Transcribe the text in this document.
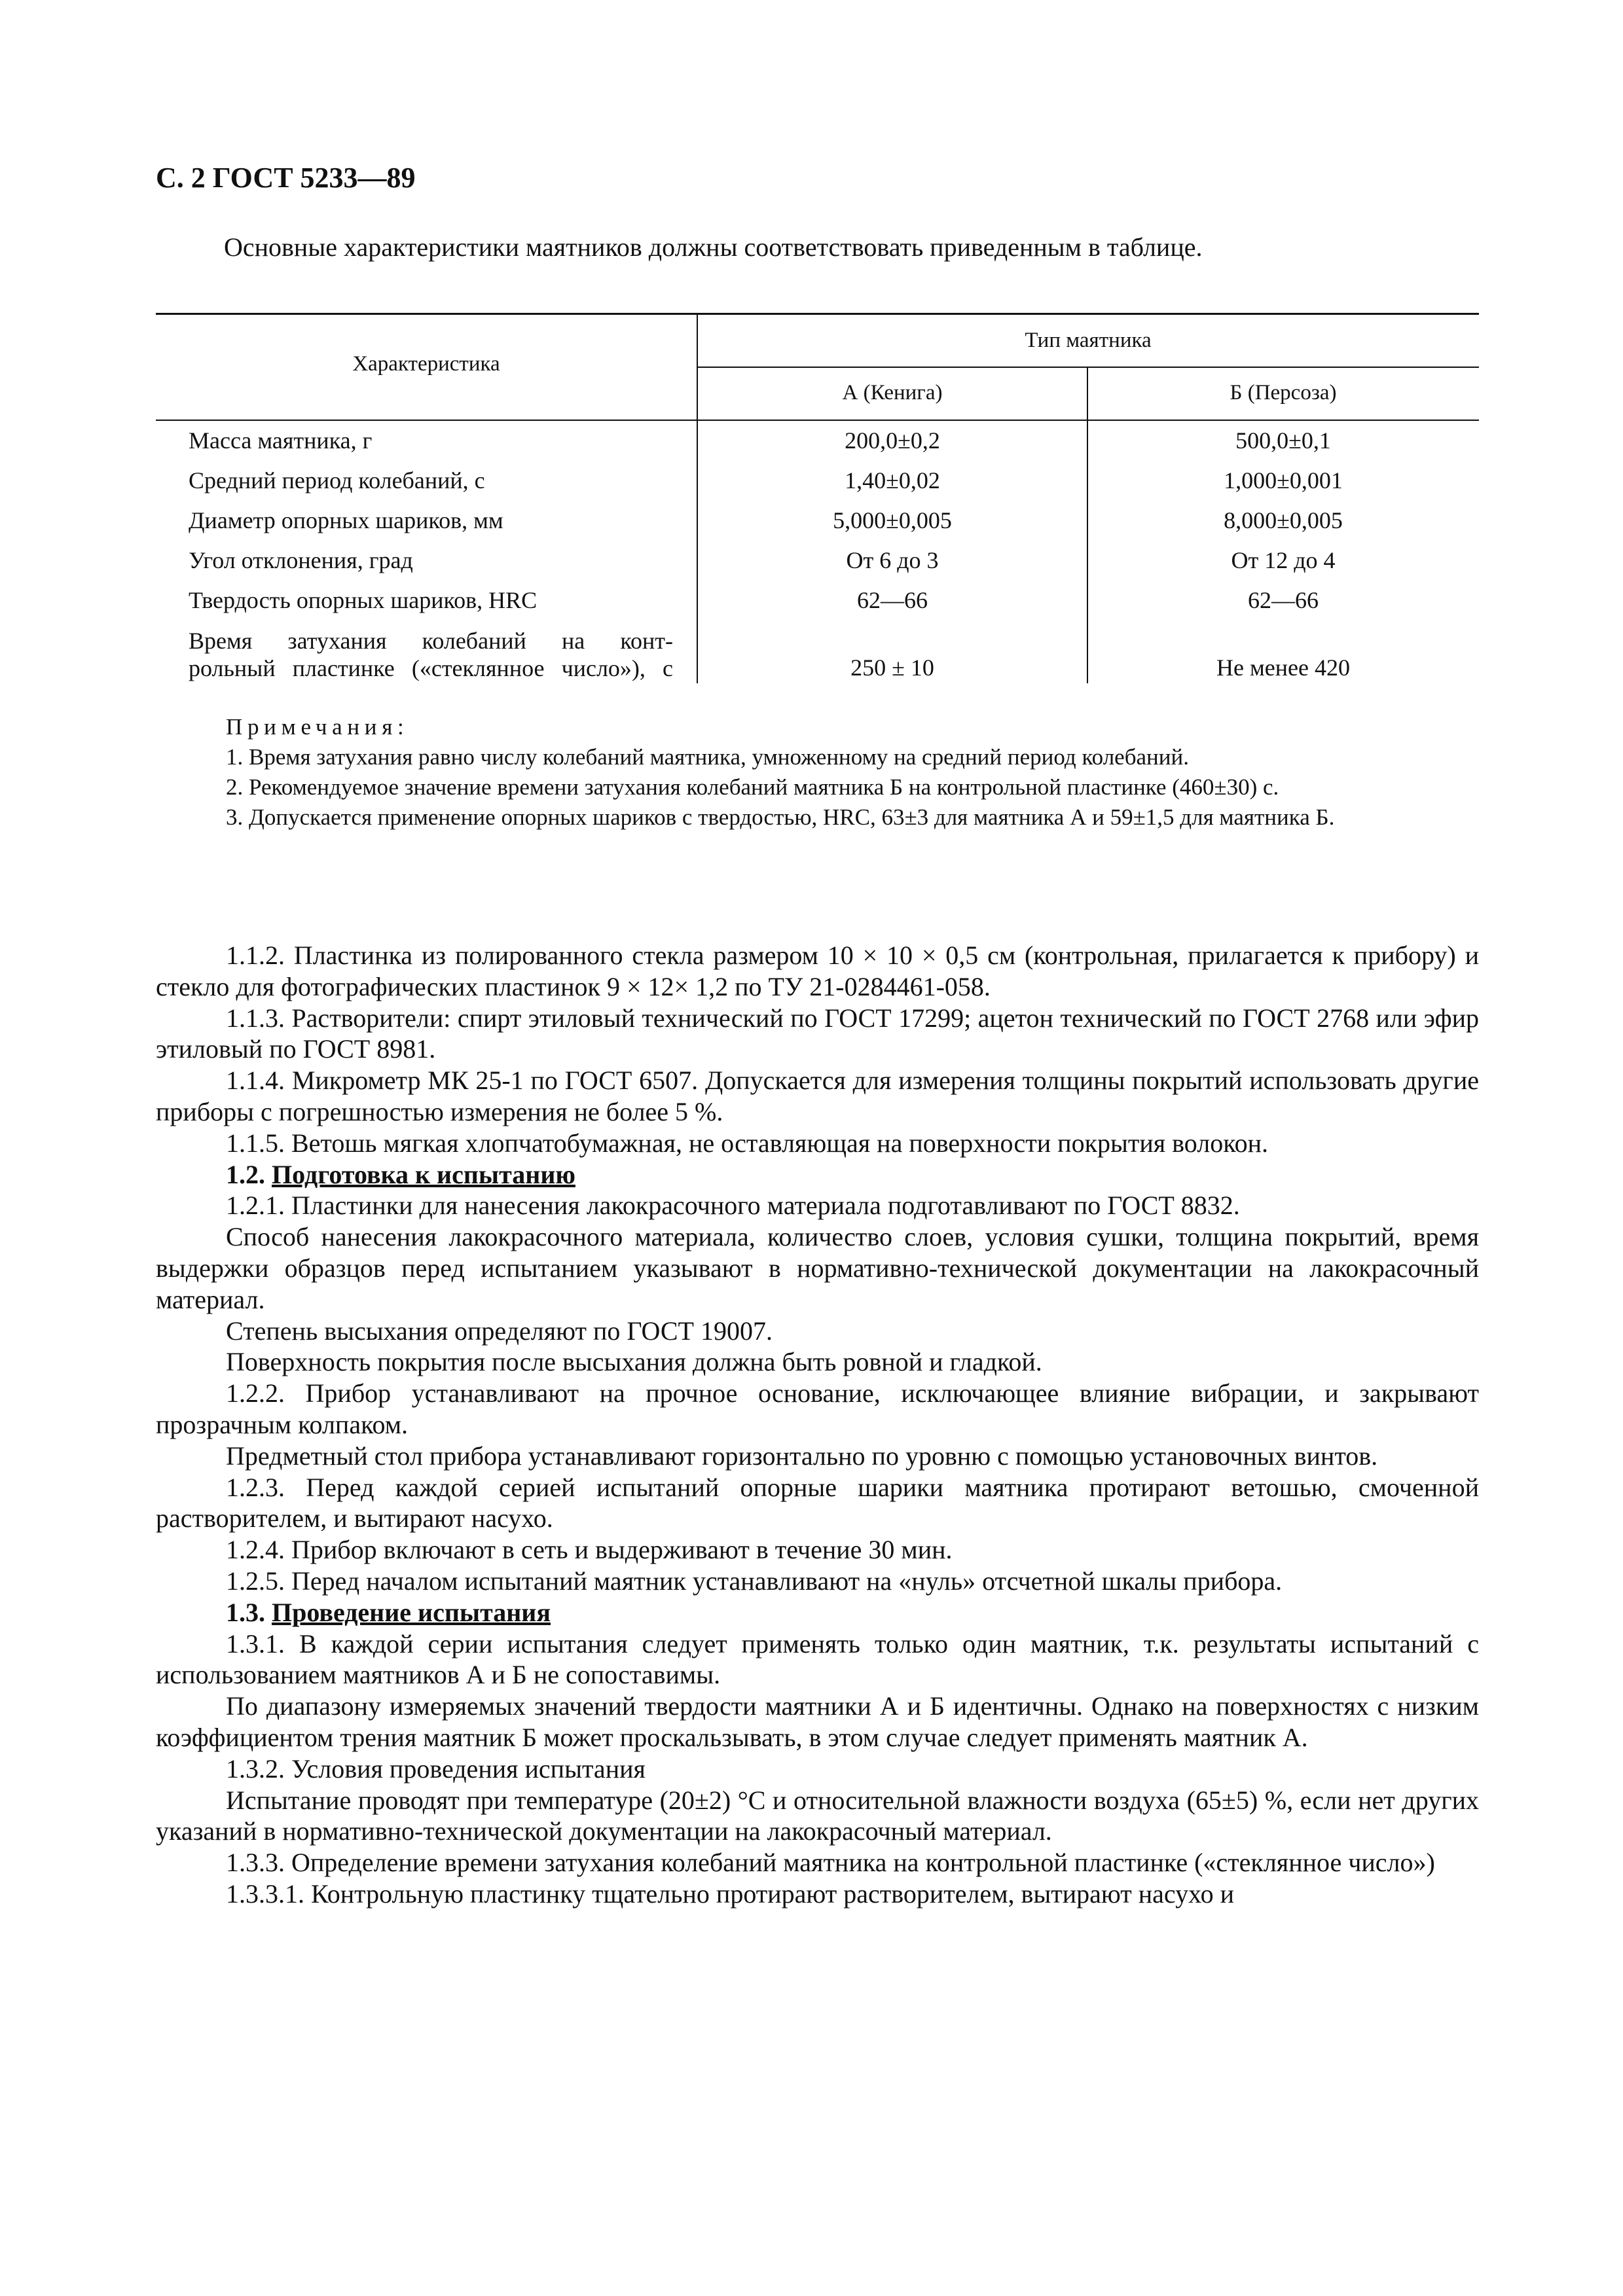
С. 2 ГОСТ 5233—89
Основные характеристики маятников должны соответствовать приведенным в таблице.
Характеристика
Тип маятника
А (Кенига)	Б (Персоза)
Масса маятника, г	200,0±0,2	500,0±0,1
Средний период колебаний, с	1,40±0,02	1,000±0,001
Диаметр опорных шариков, мм	5,000±0,005	8,000±0,005
Угол отклонения, град	От 6 до 3	От 12 до 4
Твердость опорных шариков, HRC	62—66	62—66
Время затухания колебаний на конт-
рольный пластинке («стеклянное число»), с	250 ± 10	Не менее 420
Примечания:

1. Время затухания равно числу колебаний маятника, умноженному на средний период колебаний.

2. Рекомендуемое значение времени затухания колебаний маятника Б на контрольной пластинке (460±30) с.

3. Допускается применение опорных шариков с твердостью, HRC, 63±3 для маятника А и 59±1,5 для маятника Б.

1.1.2. Пластинка из полированного стекла размером 10 × 10 × 0,5 см (контрольная, прилагается к прибору) и стекло для фотографических пластинок 9 × 12× 1,2 по ТУ 21-0284461-058.

1.1.3. Растворители: спирт этиловый технический по ГОСТ 17299; ацетон технический по ГОСТ 2768 или эфир этиловый по ГОСТ 8981.

1.1.4. Микрометр МК 25-1 по ГОСТ 6507. Допускается для измерения толщины покрытий использовать другие приборы с погрешностью измерения не более 5 %.

1.1.5. Ветошь мягкая хлопчатобумажная, не оставляющая на поверхности покрытия волокон.

1.2. Подготовка к испытанию

1.2.1. Пластинки для нанесения лакокрасочного материала подготавливают по ГОСТ 8832.

Способ нанесения лакокрасочного материала, количество слоев, условия сушки, толщина покрытий, время выдержки образцов перед испытанием указывают в нормативно-технической документации на лакокрасочный материал.

Степень высыхания определяют по ГОСТ 19007.

Поверхность покрытия после высыхания должна быть ровной и гладкой.

1.2.2. Прибор устанавливают на прочное основание, исключающее влияние вибрации, и закрывают прозрачным колпаком.

Предметный стол прибора устанавливают горизонтально по уровню с помощью установочных винтов.

1.2.3. Перед каждой серией испытаний опорные шарики маятника протирают ветошью, смоченной растворителем, и вытирают насухо.

1.2.4. Прибор включают в сеть и выдерживают в течение 30 мин.

1.2.5. Перед началом испытаний маятник устанавливают на «нуль» отсчетной шкалы прибора.

1.3. Проведение испытания

1.3.1. В каждой серии испытания следует применять только один маятник, т.к. результаты испытаний с использованием маятников А и Б не сопоставимы.

По диапазону измеряемых значений твердости маятники А и Б идентичны. Однако на поверхностях с низким коэффициентом трения маятник Б может проскальзывать, в этом случае следует применять маятник А.

1.3.2. Условия проведения испытания

Испытание проводят при температуре (20±2) °С и относительной влажности воздуха (65±5) %, если нет других указаний в нормативно-технической документации на лакокрасочный материал.

1.3.3. Определение времени затухания колебаний маятника на контрольной пластинке («стеклянное число»)

1.3.3.1. Контрольную пластинку тщательно протирают растворителем, вытирают насухо и
